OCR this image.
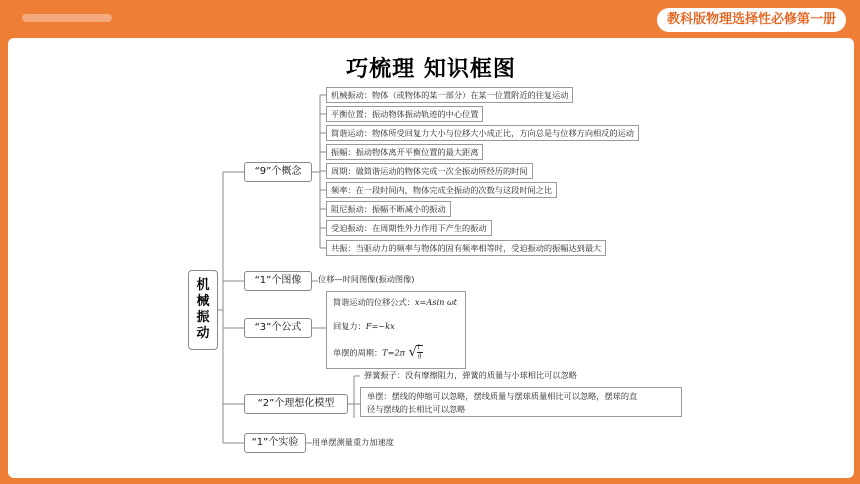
教科版物理选择性必修第一册
巧梳理 知识框图
机
械
振
动
“9”个概念
“1”个图像
“3”个公式
“2”个理想化模型
“1”个实验
机械振动：物体（或物体的某一部分）在某一位置附近的往复运动
平衡位置：振动物体振动轨迹的中心位置
简谐运动：物体所受回复力大小与位移大小成正比，方向总是与位移方向相反的运动
振幅：振动物体离开平衡位置的最大距离
周期：做简谐运动的物体完成一次全振动所经历的时间
频率：在一段时间内，物体完成全振动的次数与这段时间之比
阻尼振动：振幅不断减小的振动
受迫振动：在周期性外力作用下产生的振动
共振：当驱动力的频率与物体的固有频率相等时，受迫振动的振幅达到最大
位移—时间图像(振动图像)
简谐运动的位移公式：x=Asin ωt
回复力：F=−kx
单摆的周期：T=2π √ l
g
弹簧振子：没有摩擦阻力，弹簧的质量与小球相比可以忽略
单摆：摆线的伸缩可以忽略，摆线质量与摆球质量相比可以忽略，摆球的直
径与摆线的长相比可以忽略
用单摆测量重力加速度
